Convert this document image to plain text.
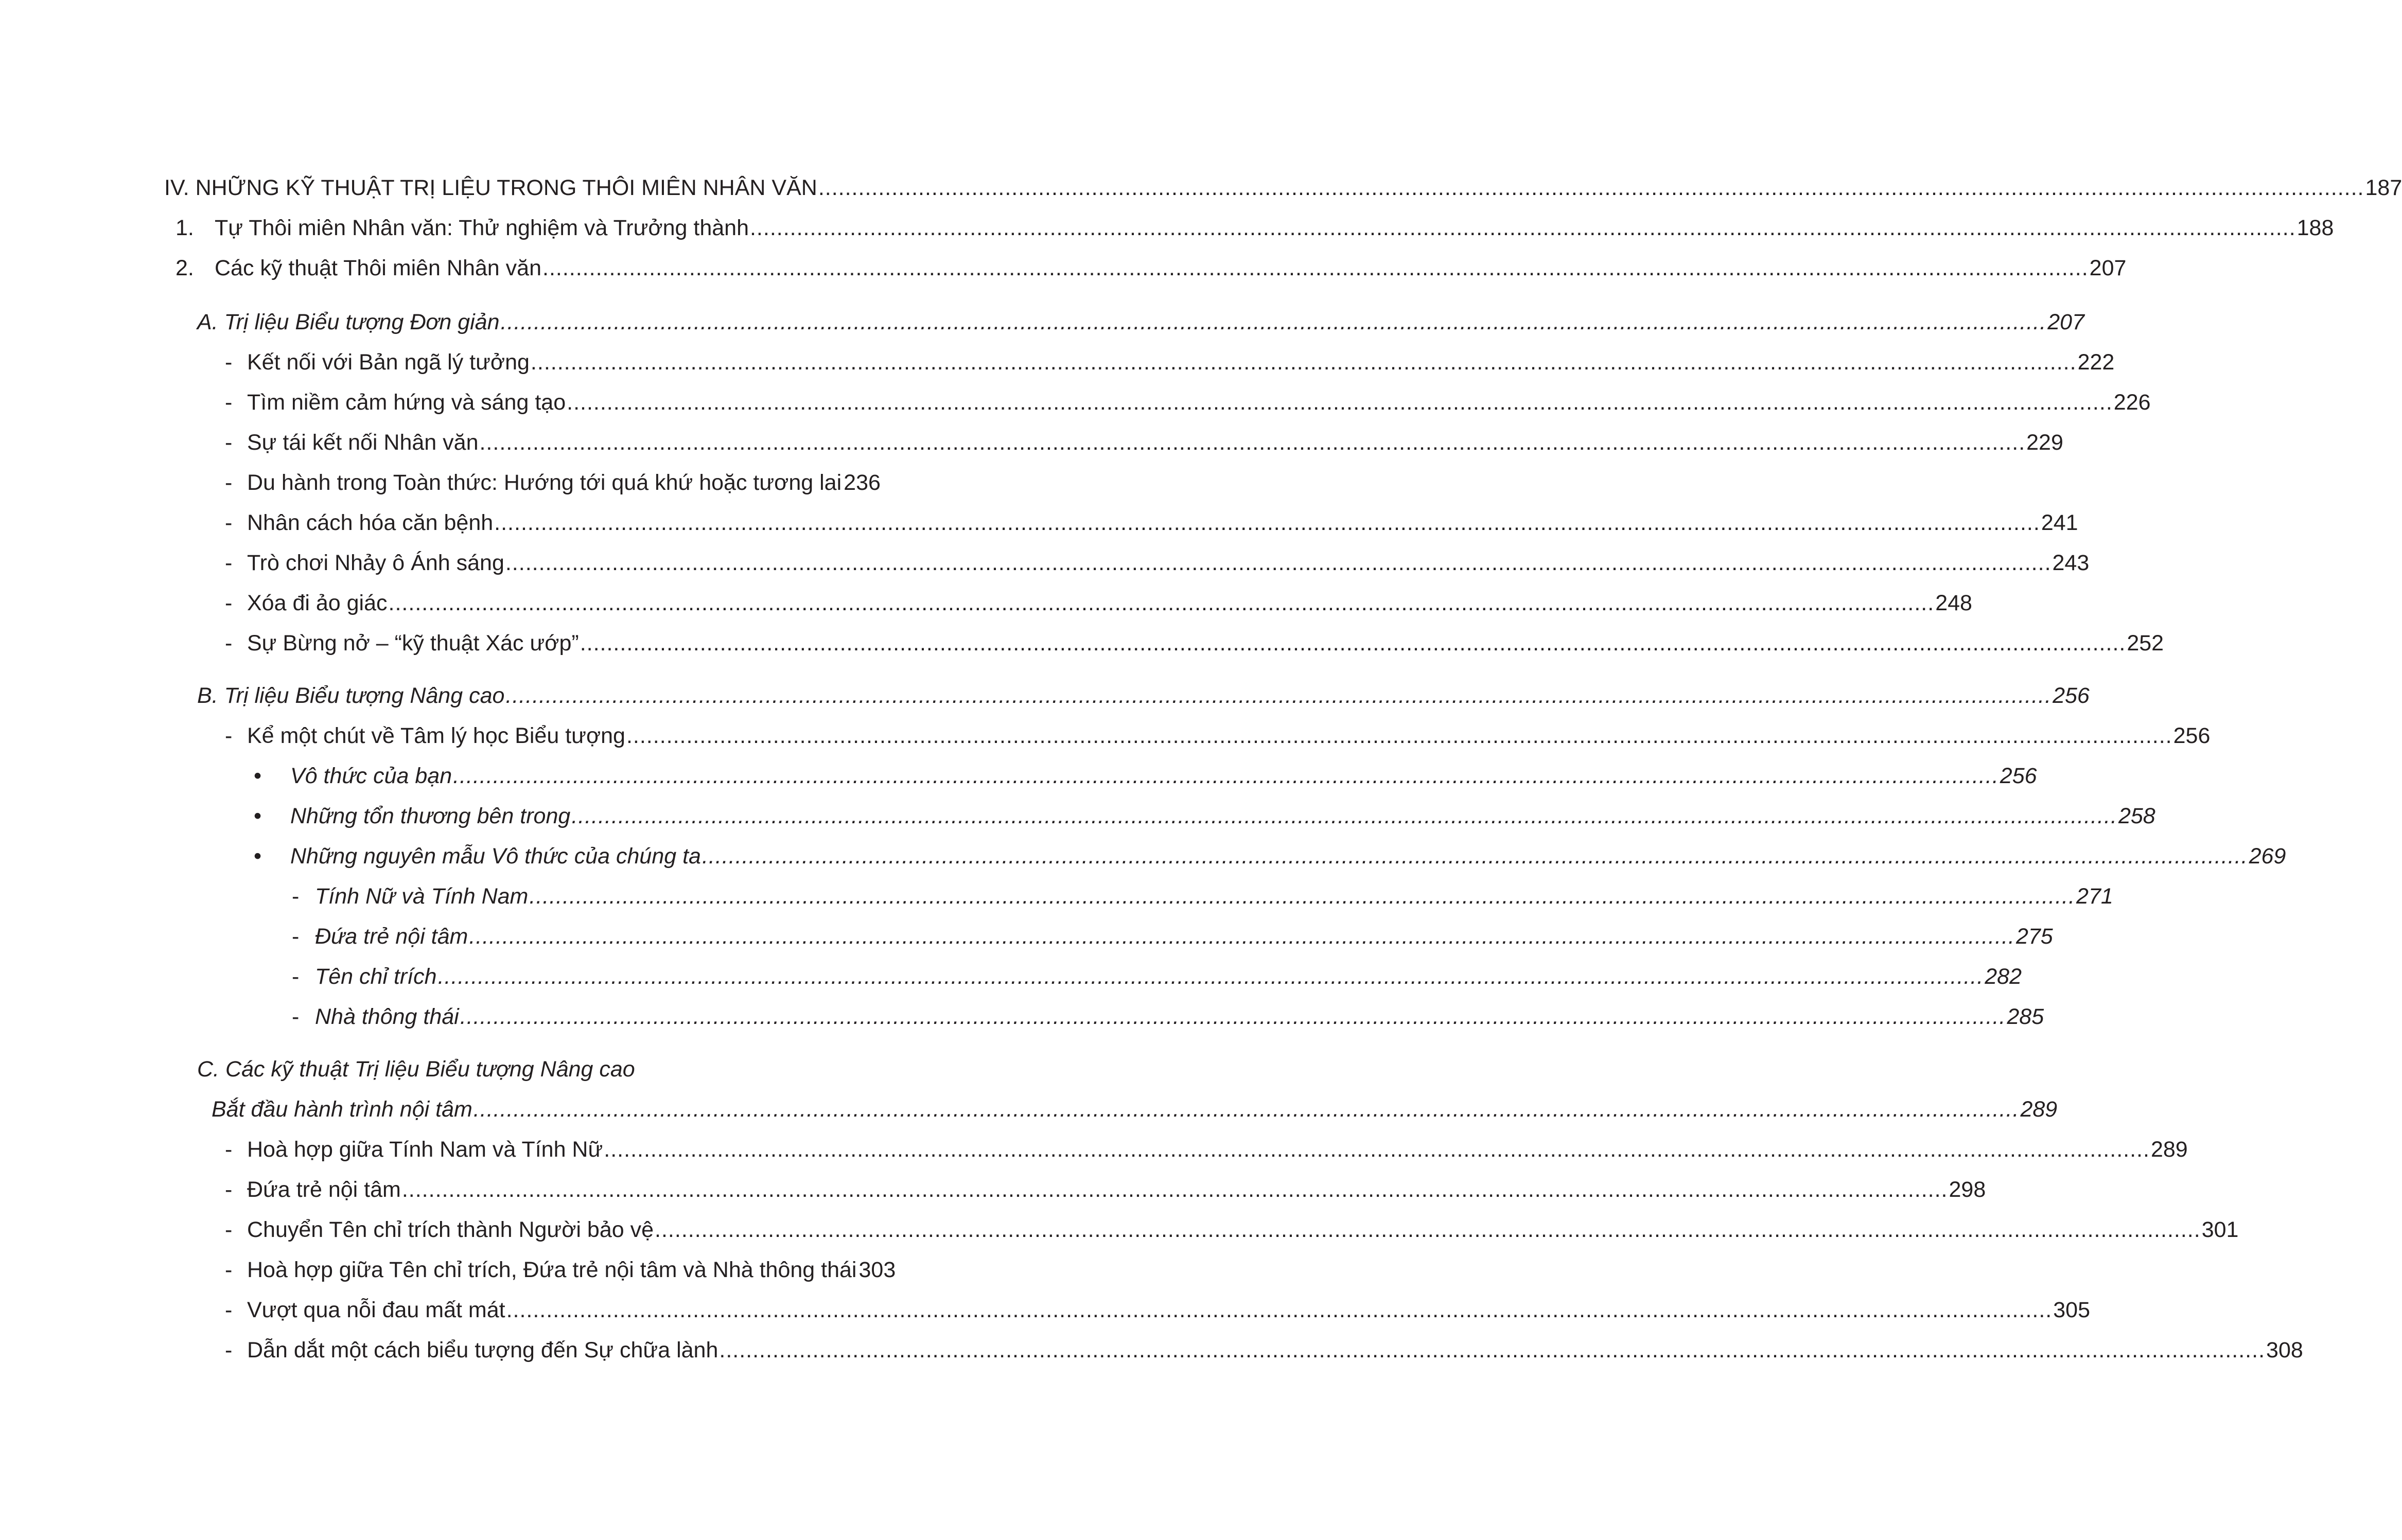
IV. NHỮNG KỸ THUẬT TRỊ LIỆU TRONG THÔI MIÊN NHÂN VĂN .....	187
1. Tự Thôi miên Nhân văn: Thử nghiệm và Trưởng thành .....	188
2. Các kỹ thuật Thôi miên Nhân văn .....	207
A. Trị liệu Biểu tượng Đơn giản .....	207
- Kết nối với Bản ngã lý tưởng .....	222
- Tìm niềm cảm hứng và sáng tạo .....	226
- Sự tái kết nối Nhân văn .....	229
- Du hành trong Toàn thức: Hướng tới quá khứ hoặc tương lai 236
- Nhân cách hóa căn bệnh .....	241
- Trò chơi Nhảy ô Ánh sáng .....	243
- Xóa đi ảo giác .....	248
- Sự Bừng nở – “kỹ thuật Xác ướp” .....	252
B. Trị liệu Biểu tượng Nâng cao .....	256
- Kể một chút về Tâm lý học Biểu tượng .....	256
• Vô thức của bạn .....	256
• Những tổn thương bên trong .....	258
• Những nguyên mẫu Vô thức của chúng ta .....	269
- Tính Nữ và Tính Nam .....	271
- Đứa trẻ nội tâm .....	275
- Tên chỉ trích .....	282
- Nhà thông thái .....	285
C. Các kỹ thuật Trị liệu Biểu tượng Nâng cao
Bắt đầu hành trình nội tâm .....	289
- Hoà hợp giữa Tính Nam và Tính Nữ .....	289
- Đứa trẻ nội tâm .....	298
- Chuyển Tên chỉ trích thành Người bảo vệ .....	301
- Hoà hợp giữa Tên chỉ trích, Đứa trẻ nội tâm và Nhà thông thái 303
- Vượt qua nỗi đau mất mát .....	305
- Dẫn dắt một cách biểu tượng đến Sự chữa lành .....	308
